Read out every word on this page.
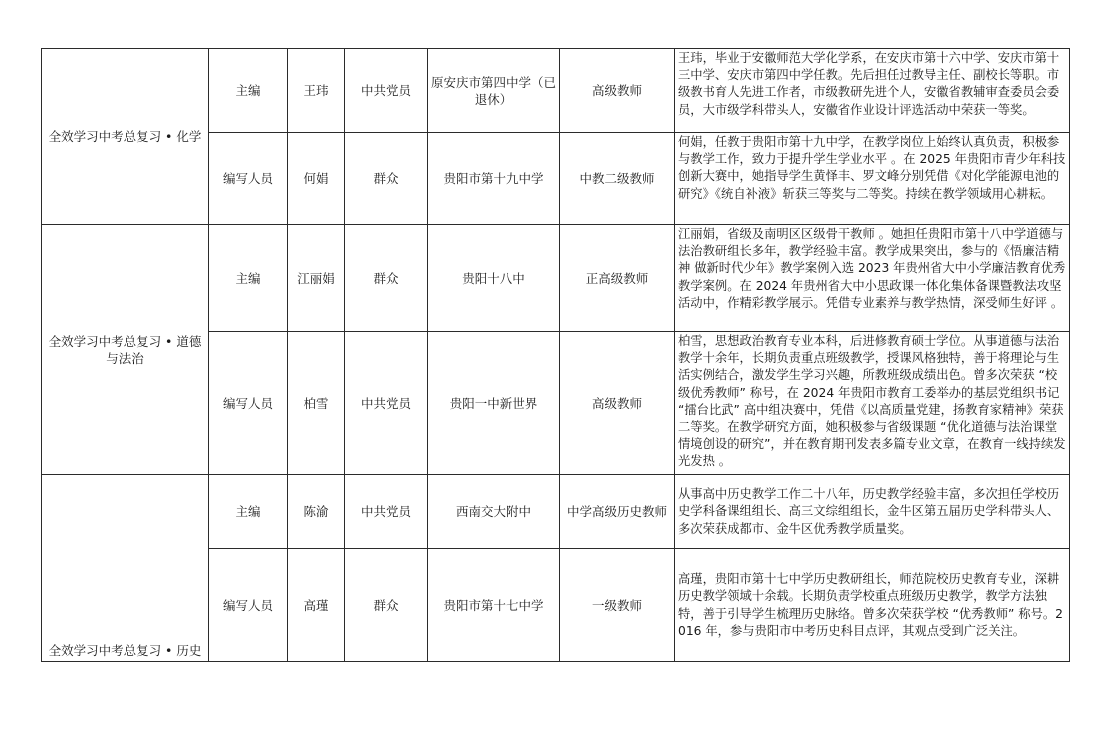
全效学习中考总复习 • 化学	主编	王玮	中共党员	原安庆市第四中学（已退休）	高级教师	王玮，毕业于安徽师范大学化学系，在安庆市第十六中学、安庆市第十三中学、安庆市第四中学任教。先后担任过教导主任、副校长等职。市级教书育人先进工作者，市级教研先进个人，安徽省教辅审查委员会委员，大市级学科带头人，安徽省作业设计评选活动中荣获一等奖。
	编写人员	何娟	群众	贵阳市第十九中学	中教二级教师	何娟，任教于贵阳市第十九中学，在教学岗位上始终认真负责，积极参与教学工作，致力于提升学生学业水平 。在 2025 年贵阳市青少年科技创新大赛中，她指导学生黄怿丰、罗文峰分别凭借《对化学能源电池的研究》《统自补液》斩获三等奖与二等奖。持续在教学领域用心耕耘。
全效学习中考总复习 • 道德与法治	主编	江丽娟	群众	贵阳十八中	正高级教师	江丽娟，省级及南明区区级骨干教师 。她担任贵阳市第十八中学道德与法治教研组长多年，教学经验丰富。教学成果突出，参与的《悟廉洁精神 做新时代少年》教学案例入选 2023 年贵州省大中小学廉洁教育优秀教学案例。在 2024 年贵州省大中小思政课一体化集体备课暨教法攻坚活动中，作精彩教学展示。凭借专业素养与教学热情，深受师生好评 。
	编写人员	柏雪	中共党员	贵阳一中新世界	高级教师	柏雪，思想政治教育专业本科，后进修教育硕士学位。从事道德与法治教学十余年，长期负责重点班级教学，授课风格独特，善于将理论与生活实例结合，激发学生学习兴趣，所教班级成绩出色。曾多次荣获 “校级优秀教师” 称号，在 2024 年贵阳市教育工委举办的基层党组织书记 “擂台比武” 高中组决赛中，凭借《以高质量党建，扬教育家精神》荣获二等奖。在教学研究方面，她积极参与省级课题 “优化道德与法治课堂情境创设的研究”，并在教育期刊发表多篇专业文章，在教育一线持续发光发热 。
全效学习中考总复习 • 历史	主编	陈渝	中共党员	西南交大附中	中学高级历史教师	从事高中历史教学工作二十八年，历史教学经验丰富，多次担任学校历史学科备课组组长、高三文综组组长，金牛区第五届历史学科带头人、多次荣获成都市、金牛区优秀教学质量奖。
	编写人员	高瑾	群众	贵阳市第十七中学	一级教师	高瑾，贵阳市第十七中学历史教研组长，师范院校历史教育专业，深耕历史教学领域十余载。长期负责学校重点班级历史教学，教学方法独特，善于引导学生梳理历史脉络。曾多次荣获学校 “优秀教师” 称号。2016 年，参与贵阳市中考历史科目点评，其观点受到广泛关注。
